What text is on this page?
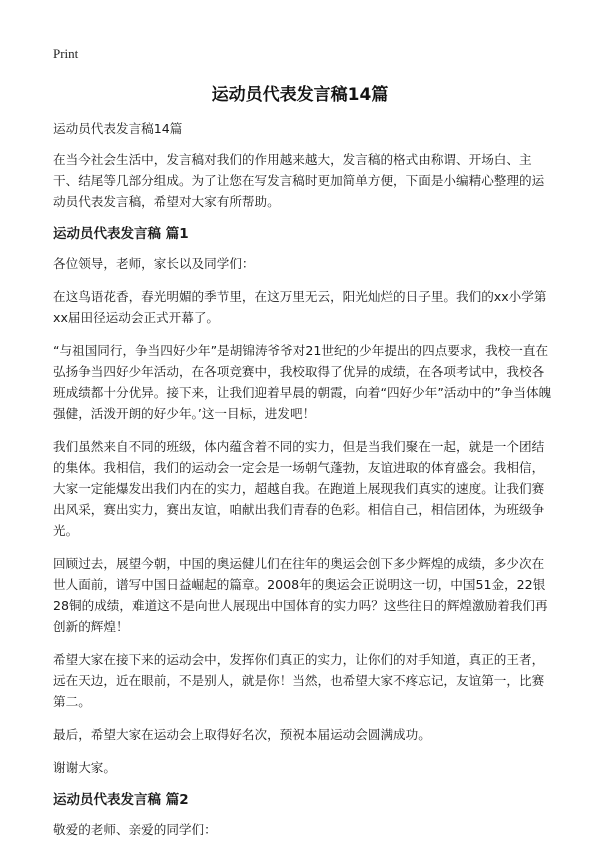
Print
运动员代表发言稿14篇

运动员代表发言稿14篇

在当今社会生活中，发言稿对我们的作用越来越大，发言稿的格式由称谓、开场白、主干、结尾等几部分组成。为了让您在写发言稿时更加简单方便，下面是小编精心整理的运动员代表发言稿，希望对大家有所帮助。

运动员代表发言稿 篇1

各位领导，老师，家长以及同学们：

在这鸟语花香，春光明媚的季节里，在这万里无云，阳光灿烂的日子里。我们的xx小学第xx届田径运动会正式开幕了。

“与祖国同行，争当四好少年”是胡锦涛爷爷对21世纪的少年提出的四点要求，我校一直在弘扬争当四好少年活动，在各项竞赛中，我校取得了优异的成绩，在各项考试中，我校各班成绩都十分优异。接下来，让我们迎着早晨的朝霞，向着“四好少年”活动中的”争当体魄强健，活泼开朗的好少年。’这一目标，进发吧！

我们虽然来自不同的班级，体内蕴含着不同的实力，但是当我们聚在一起，就是一个团结的集体。我相信，我们的运动会一定会是一场朝气蓬勃，友谊进取的体育盛会。我相信，大家一定能爆发出我们内在的实力，超越自我。在跑道上展现我们真实的速度。让我们赛出风采，赛出实力，赛出友谊，咱献出我们青春的色彩。相信自己，相信团体，为班级争光。

回顾过去，展望今朝，中国的奥运健儿们在往年的奥运会创下多少辉煌的成绩，多少次在世人面前，谱写中国日益崛起的篇章。2008年的奥运会正说明这一切，中国51金，22银28铜的成绩，难道这不是向世人展现出中国体育的实力吗？这些往日的辉煌激励着我们再创新的辉煌！

希望大家在接下来的运动会中，发挥你们真正的实力，让你们的对手知道，真正的王者，远在天边，近在眼前，不是别人，就是你！当然，也希望大家不疼忘记，友谊第一，比赛第二。

最后，希望大家在运动会上取得好名次，预祝本届运动会圆满成功。

谢谢大家。

运动员代表发言稿 篇2

敬爱的老师、亲爱的同学们：
